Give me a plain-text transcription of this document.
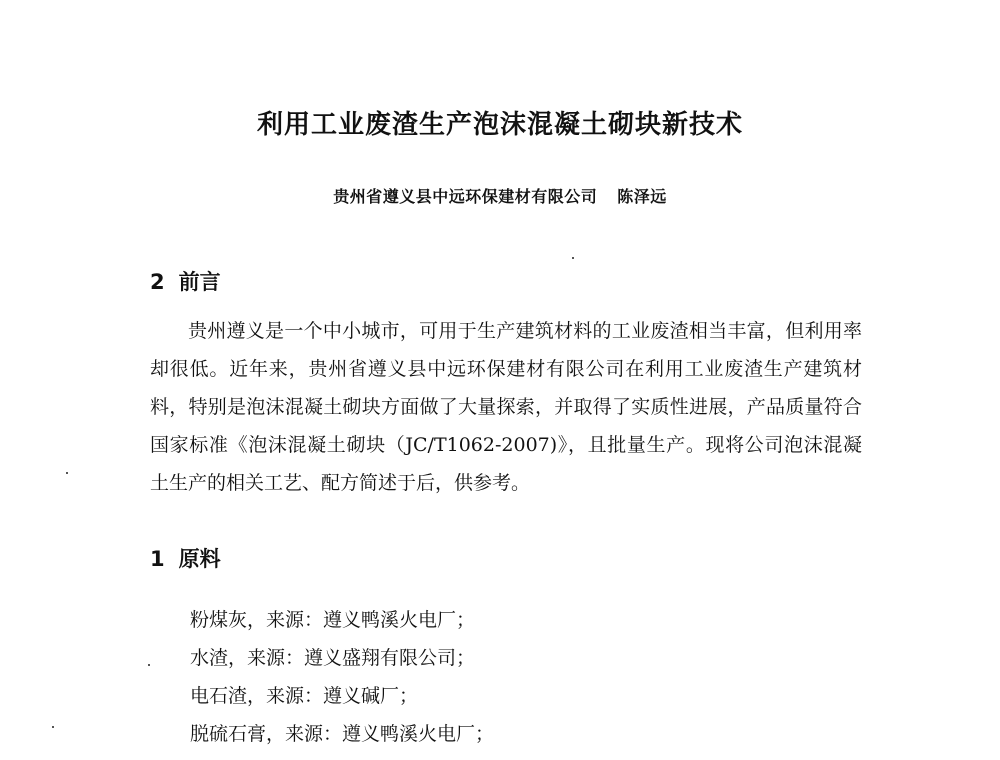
利用工业废渣生产泡沫混凝土砌块新技术
贵州省遵义县中远环保建材有限公司 陈泽远
2 前言

贵州遵义是一个中小城市，可用于生产建筑材料的工业废渣相当丰富，但利用率却很低。近年来，贵州省遵义县中远环保建材有限公司在利用工业废渣生产建筑材料，特别是泡沫混凝土砌块方面做了大量探索，并取得了实质性进展，产品质量符合国家标准《泡沫混凝土砌块（JC/T1062-2007)》，且批量生产。现将公司泡沫混凝土生产的相关工艺、配方简述于后，供参考。

1 原料
粉煤灰，来源：遵义鸭溪火电厂；
水渣，来源：遵义盛翔有限公司；
电石渣，来源：遵义碱厂；
脱硫石膏，来源：遵义鸭溪火电厂；
